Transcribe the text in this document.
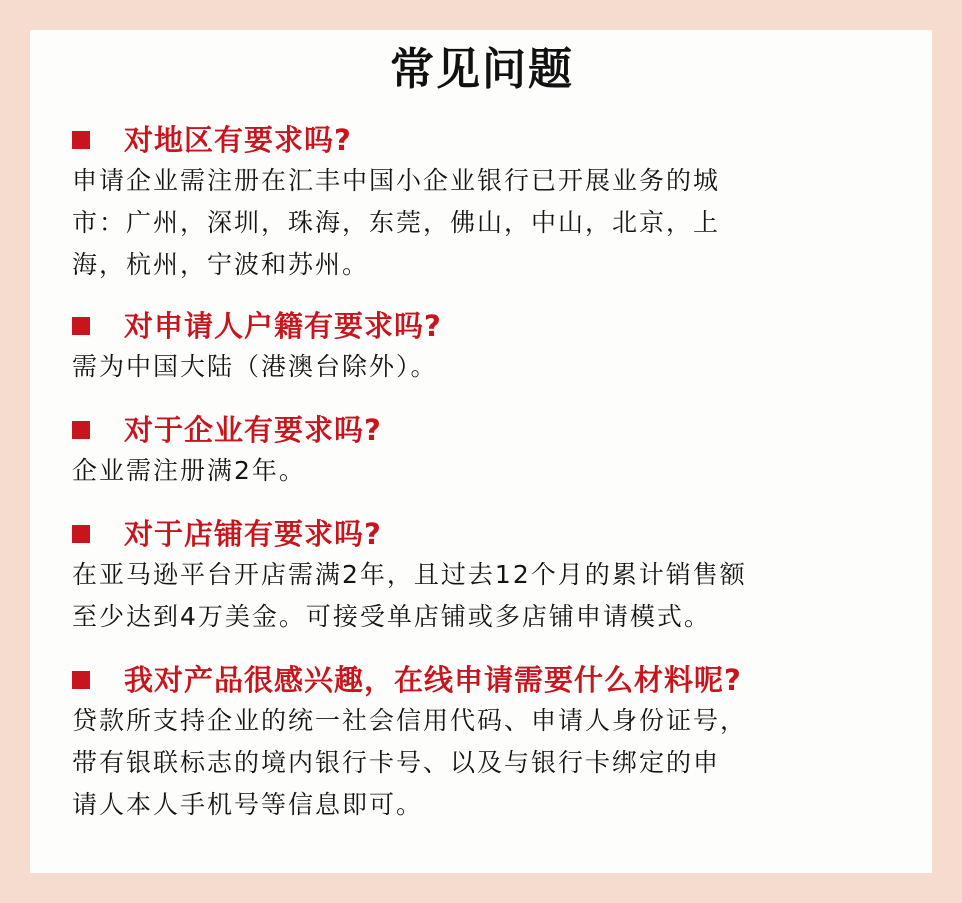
常见问题

对地区有要求吗?

申请企业需注册在汇丰中国小企业银行已开展业务的城
市：广州，深圳，珠海，东莞，佛山，中山，北京，上
海，杭州，宁波和苏州。

对申请人户籍有要求吗?

需为中国大陆（港澳台除外）。

对于企业有要求吗?

企业需注册满2年。

对于店铺有要求吗?

在亚马逊平台开店需满2年，且过去12个月的累计销售额
至少达到4万美金。可接受单店铺或多店铺申请模式。

我对产品很感兴趣，在线申请需要什么材料呢?

贷款所支持企业的统一社会信用代码、申请人身份证号，
带有银联标志的境内银行卡号、以及与银行卡绑定的申
请人本人手机号等信息即可。
